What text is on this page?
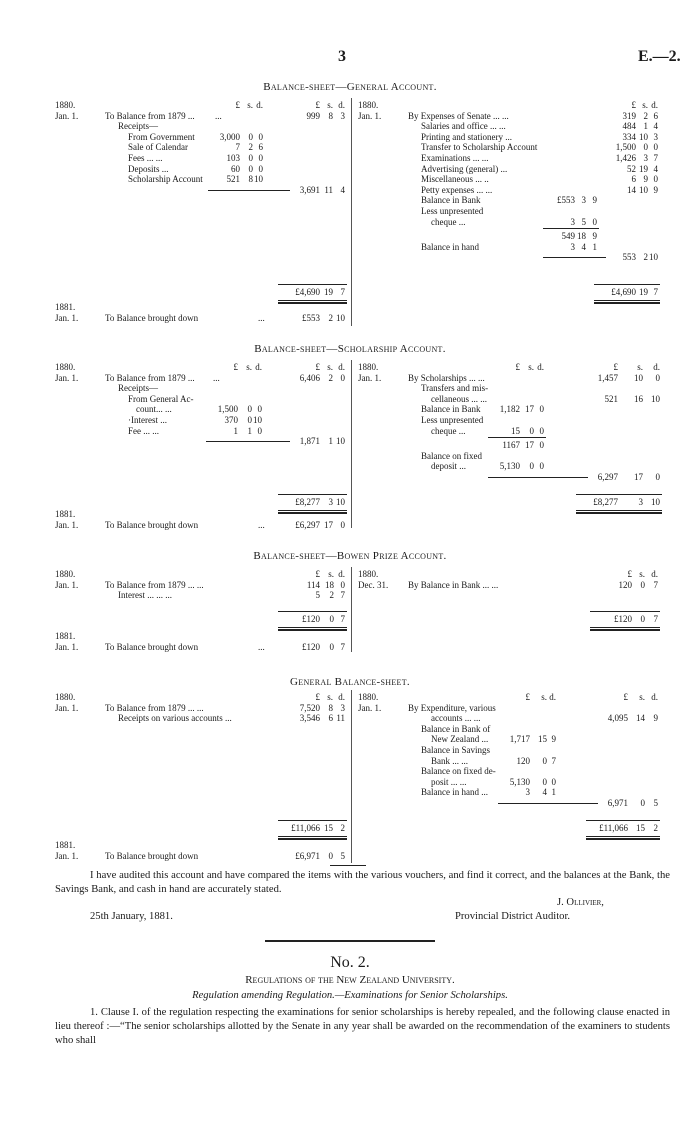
3	E.—2.
Balance-sheet—General Account.
1880.	£ s. d.	£ s. d.
Jan. 1.	To Balance from 1879 ... ...	999 8 3
Receipts—
From Government	3,000 0 0
Sale of Calendar	7 2 6
Fees ... ...	103 0 0
Deposits ...	60 0 0
Scholarship Account	521 8 10
3,691 11 4
£4,690 19 7
1880.	£ s. d.
Jan. 1.	By Expenses of Senate ... ...	319 2 6
Salaries and office ... ...	484 1 4
Printing and stationery ...	334 10 3
Transfer to Scholarship Account	1,500 0 0
Examinations ... ...	1,426 3 7
Advertising (general) ...	52 19 4
Miscellaneous ... ..	6 9 0
Petty expenses ... ...	14 10 9
Balance in Bank	£553 3 9
Less unpresented
cheque ...	3 5 0
549 18 9
Balance in hand	3 4 1
553 2 10
£4,690 19 7
1881.
Jan. 1.	To Balance brought down	...	£553 2 10
Balance-sheet—Scholarship Account.
1880.	£ s. d.	£ s. d.
Jan. 1.	To Balance from 1879 ... ...	6,406 2 0
Receipts—
From General Ac-
count... ...	1,500 0 0
·Interest ...	370 0 10
Fee ... ...	1 1 0
1,871 1 10
£8,277 3 10
1880.	£ s. d.	£ s. d.
Jan. 1.	By Scholarships ... ...	1,457 10 0
Transfers and mis-
cellaneous ... ...	521 16 10
Balance in Bank 1,182 17 0
Less unpresented
cheque ...	15 0 0
1167 17 0
Balance on fixed
deposit ...	5,130 0 0
6,297 17 0
£8,277 3 10
1881.
Jan. 1.	To Balance brought down	...	£6,297 17 0
Balance-sheet—Bowen Prize Account.
1880.	£ s. d.
Jan. 1.	To Balance from 1879 ... ...	114 18 0
Interest ... ... ...	5 2 7
£120 0 7
1880.	£ s. d.
Dec. 31. By Balance in Bank ... ...	120 0 7
£120 0 7
1881.
Jan. 1.	To Balance brought down	...	£120 0 7
General Balance-sheet.
1880.	£ s. d.
Jan. 1.	To Balance from 1879 ... ...	7,520 8 3
Receipts on various accounts ...	3,546 6 11
£11,066 15 2
1880.	£ s. d.	£ s. d.
Jan. 1.	By Expenditure, various
accounts ... ...	4,095 14 9
Balance in Bank of
New Zealand ... 1,717 15 9
Balance in Savings
Bank ... ...	120 0 7
Balance on fixed de-
posit ... ...	5,130 0 0
Balance in hand ...	3 4 1
6,971 0 5
£11,066 15 2
1881.
Jan. 1.	To Balance brought down	£6,971 0 5
I have audited this account and have compared the items with the various vouchers, and find it correct, and the balances at the Bank, the Savings Bank, and cash in hand are accurately stated.
J. Ollivier,
25th January, 1881.	Provincial District Auditor.
No. 2.
Regulations of the New Zealand University.
Regulation amending Regulation.—Examinations for Senior Scholarships.
1. Clause I. of the regulation respecting the examinations for senior scholarships is hereby repealed, and the following clause enacted in lieu thereof :—“The senior scholarships allotted by the Senate in any year shall be awarded on the recommendation of the examiners to students who shall
